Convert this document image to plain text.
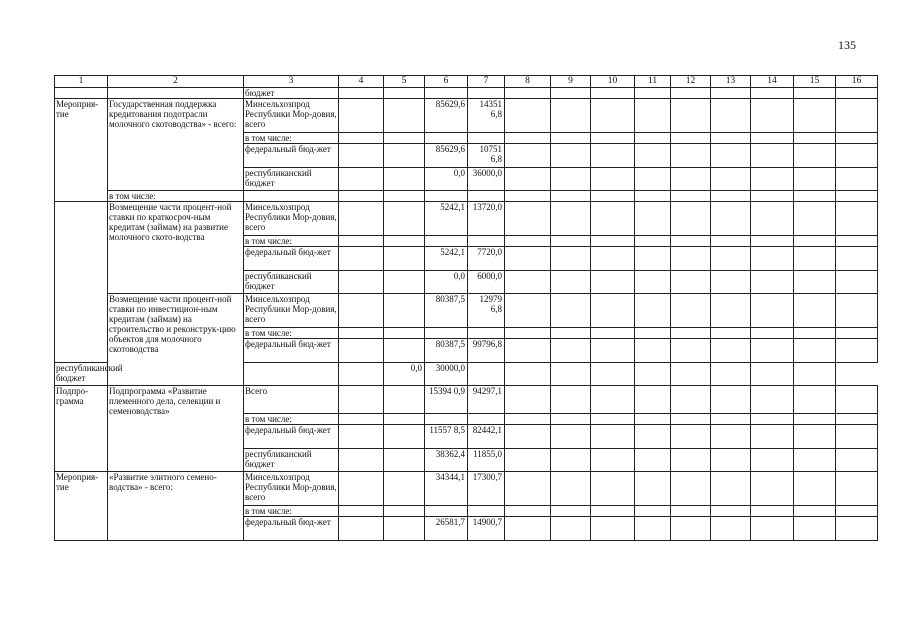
135
1	2	3	4	5	6	7	8	9	10	11	12	13	14	15	16
		бюджет													
Мероприя-тие	Государственная поддержка кредитования подотрасли молочного скотоводства» - всего:	Минсельхозпрод Республики Мор-довия, всего			85629,6	14351 6,8									
		в том числе:													
		федеральный бюд-жет			85629,6	10751 6,8									
		республиканский бюджет			0,0	36000,0									
	в том числе:														
	Возмещение части процент-ной ставки по краткосроч-ным кредитам (займам) на развитие молочного ското-водства	Минсельхозпрод Республики Мор-довия, всего			5242,1	13720,0									
		в том числе:													
		федеральный бюд-жет			5242,1	7720,0									
		республиканский бюджет			0,0	6000,0									
	Возмещение части процент-ной ставки по инвестицион-ным кредитам (займам) на строительство и реконструк-цию объектов для молочного скотоводства	Минсельхозпрод Республики Мор-довия, всего			80387,5	12979 6,8									
		в том числе:													
		федеральный бюд-жет			80387,5	99796,8									
республиканский бюджет				0,0	30000,0										
Подпро-грамма	Подпрограмма «Развитие племенного дела, селекции и семеноводства»	Всего			15394 0,9	94297,1									
		в том числе:													
		федеральный бюд-жет			11557 8,5	82442,1									
		республиканский бюджет			38362,4	11855,0									
Мероприя-тие	«Развитие элитного семено-водства» - всего:	Минсельхозпрод Республики Мор-довия, всего			34344,1	17300,7									
		в том числе:													
		федеральный бюд-жет			26581,7	14900,7									
